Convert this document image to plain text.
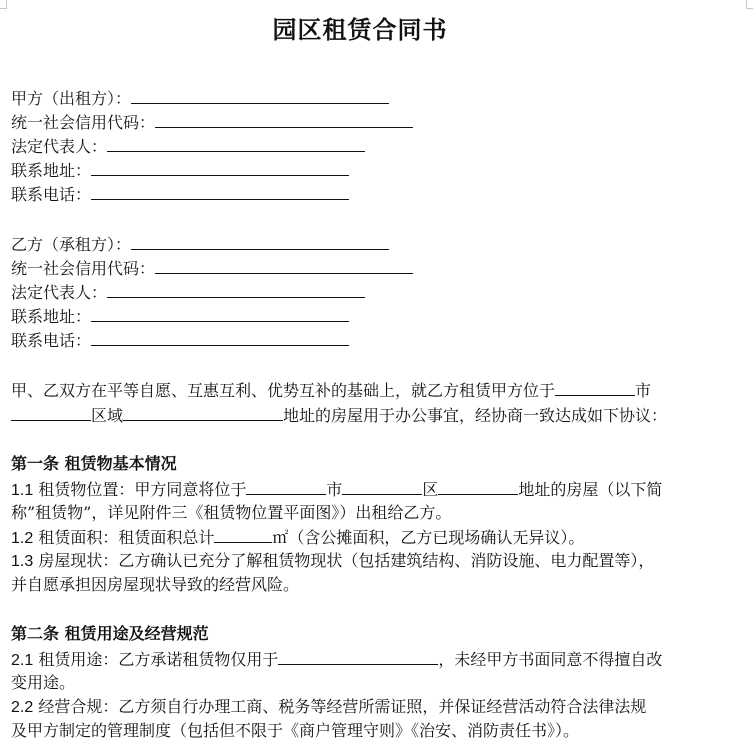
园区租赁合同书
甲方（出租方）：
统一社会信用代码：
法定代表人：
联系地址：
联系电话：
乙方（承租方）：
统一社会信用代码：
法定代表人：
联系地址：
联系电话：
甲、乙双方在平等自愿、互惠互利、优势互补的基础上，就乙方租赁甲方位于	市
区域	地址的房屋用于办公事宜，经协商一致达成如下协议：
第一条 租赁物基本情况
1.1 租赁物位置：甲方同意将位于	市	区	地址的房屋（以下简
称”租赁物”，详见附件三《租赁物位置平面图》）出租给乙方。
1.2 租赁面积：租赁面积总计	㎡（含公摊面积，乙方已现场确认无异议）。
1.3 房屋现状：乙方确认已充分了解租赁物现状（包括建筑结构、消防设施、电力配置等），
并自愿承担因房屋现状导致的经营风险。
第二条 租赁用途及经营规范
2.1 租赁用途：乙方承诺租赁物仅用于	，未经甲方书面同意不得擅自改
变用途。
2.2 经营合规：乙方须自行办理工商、税务等经营所需证照，并保证经营活动符合法律法规
及甲方制定的管理制度（包括但不限于《商户管理守则》《治安、消防责任书》）。
